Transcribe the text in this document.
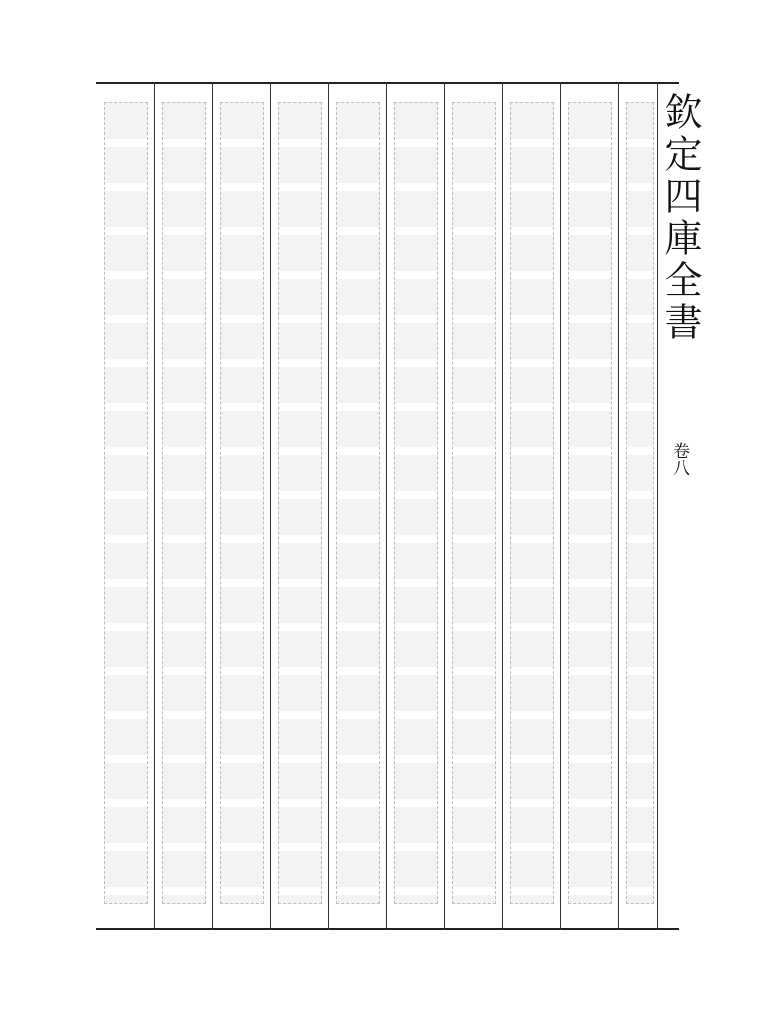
欽定四庫全書
卷八
